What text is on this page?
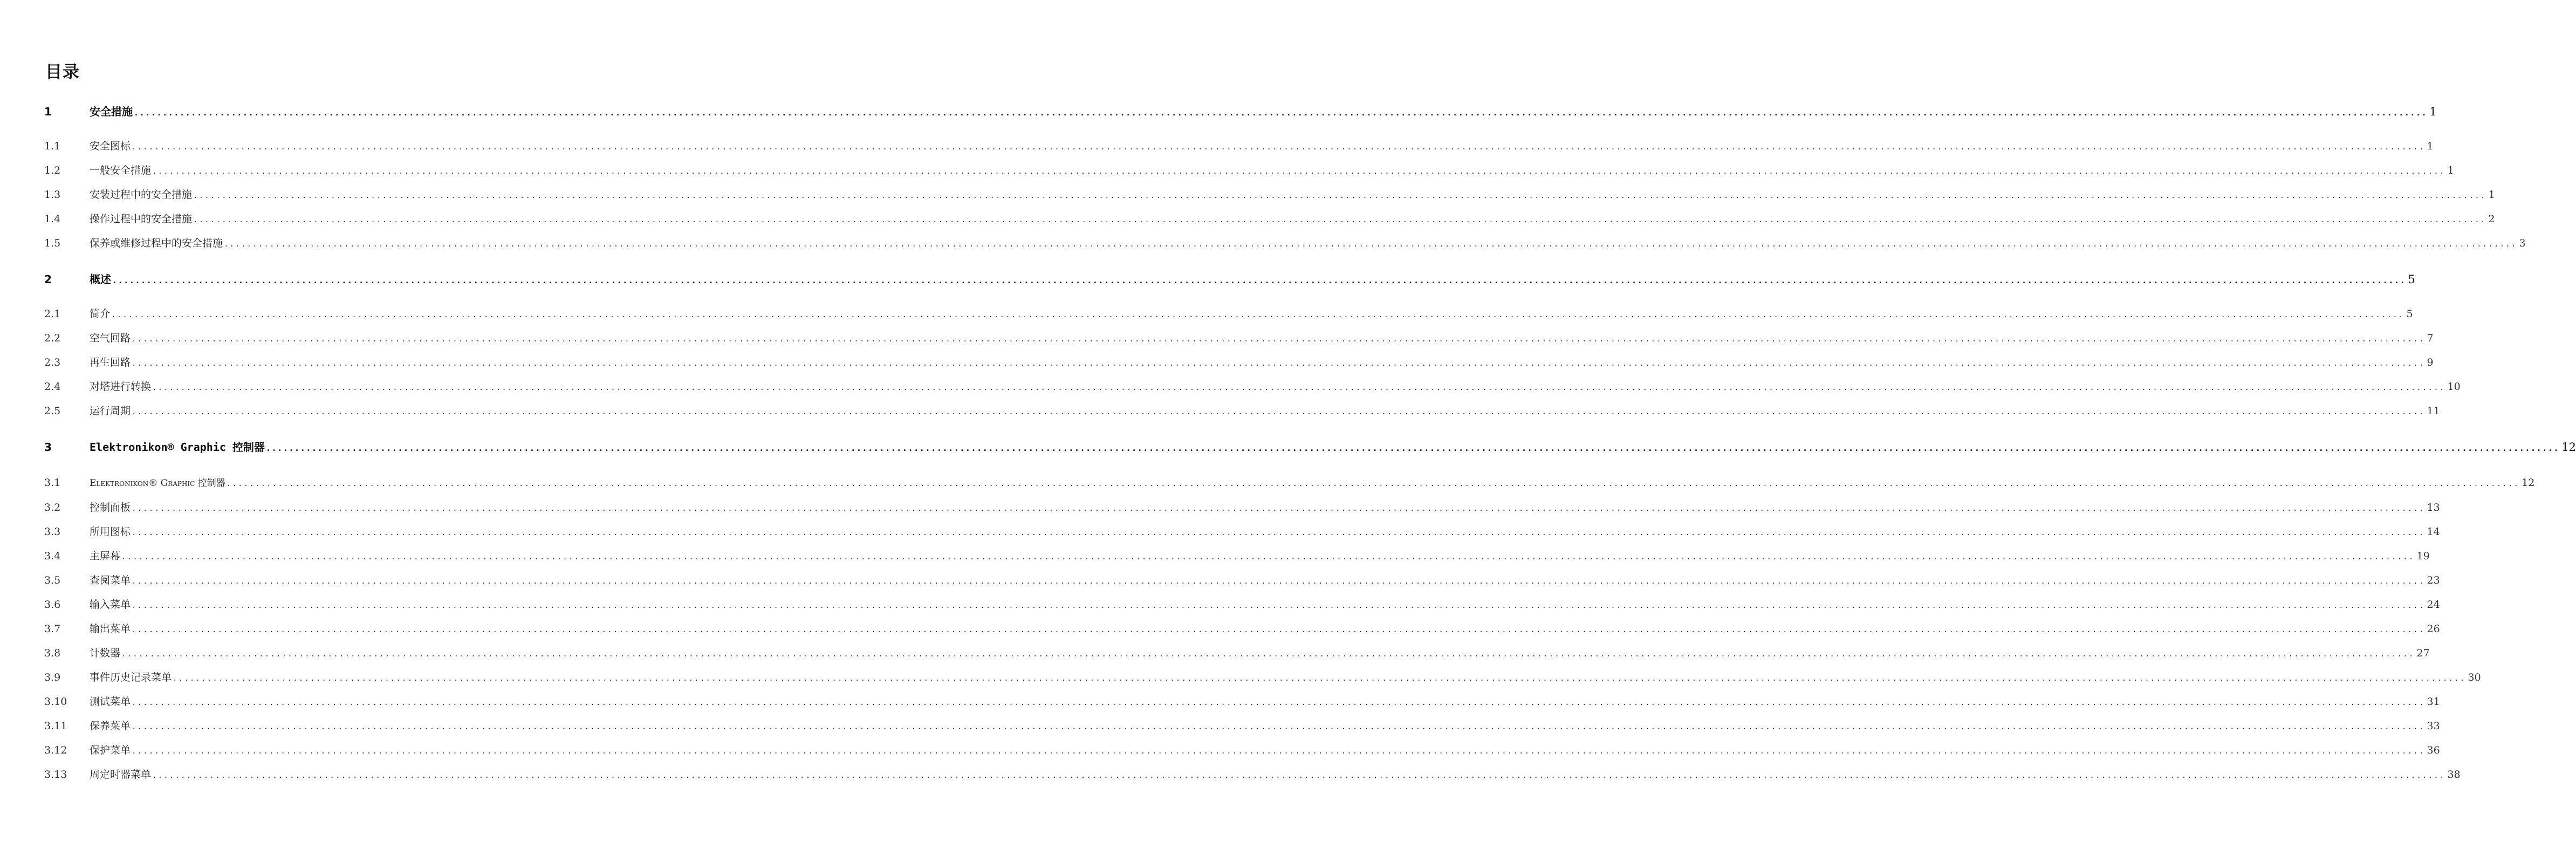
目录
1	安全措施 ................................................................................................................................................................................................................................................................................................................................................................................................................ 1
1.1	安全图标 ................................................................................................................................................................................................................................................................................................................................................................................................................ 1
1.2	一般安全措施 ................................................................................................................................................................................................................................................................................................................................................................................................................ 1
1.3	安装过程中的安全措施 ................................................................................................................................................................................................................................................................................................................................................................................................................ 1
1.4	操作过程中的安全措施 ................................................................................................................................................................................................................................................................................................................................................................................................................ 2
1.5	保养或维修过程中的安全措施 ................................................................................................................................................................................................................................................................................................................................................................................................................ 3
2	概述 ................................................................................................................................................................................................................................................................................................................................................................................................................ 5
2.1	简介 ................................................................................................................................................................................................................................................................................................................................................................................................................ 5
2.2	空气回路 ................................................................................................................................................................................................................................................................................................................................................................................................................ 7
2.3	再生回路 ................................................................................................................................................................................................................................................................................................................................................................................................................ 9
2.4	对塔进行转换 ................................................................................................................................................................................................................................................................................................................................................................................................................ 10
2.5	运行周期 ................................................................................................................................................................................................................................................................................................................................................................................................................ 11
3	Elektronikon® Graphic 控制器 ................................................................................................................................................................................................................................................................................................................................................................................................................ 12
3.1	Elektronikon® Graphic 控制器 ................................................................................................................................................................................................................................................................................................................................................................................................................ 12
3.2	控制面板 ................................................................................................................................................................................................................................................................................................................................................................................................................ 13
3.3	所用图标 ................................................................................................................................................................................................................................................................................................................................................................................................................ 14
3.4	主屏幕 ................................................................................................................................................................................................................................................................................................................................................................................................................ 19
3.5	查阅菜单 ................................................................................................................................................................................................................................................................................................................................................................................................................ 23
3.6	输入菜单 ................................................................................................................................................................................................................................................................................................................................................................................................................ 24
3.7	输出菜单 ................................................................................................................................................................................................................................................................................................................................................................................................................ 26
3.8	计数器 ................................................................................................................................................................................................................................................................................................................................................................................................................ 27
3.9	事件历史记录菜单 ................................................................................................................................................................................................................................................................................................................................................................................................................ 30
3.10	测试菜单 ................................................................................................................................................................................................................................................................................................................................................................................................................ 31
3.11	保养菜单 ................................................................................................................................................................................................................................................................................................................................................................................................................ 33
3.12	保护菜单 ................................................................................................................................................................................................................................................................................................................................................................................................................ 36
3.13	周定时器菜单 ................................................................................................................................................................................................................................................................................................................................................................................................................ 38
